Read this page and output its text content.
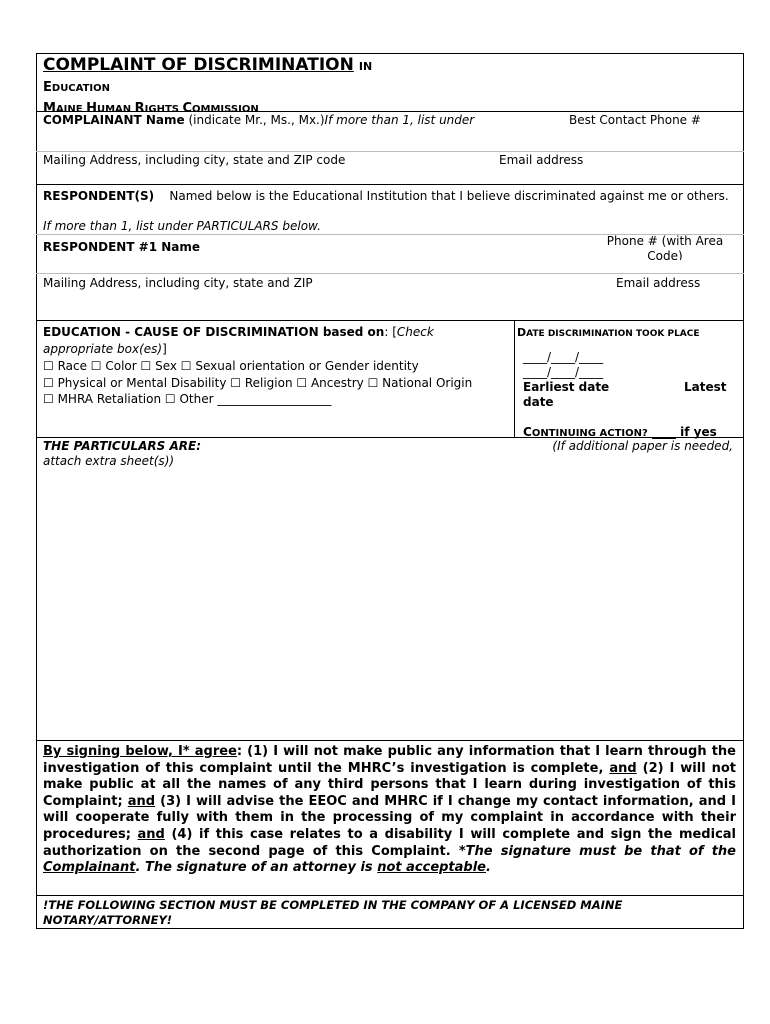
COMPLAINT OF DISCRIMINATION IN
EDUCATION
MAINE HUMAN RIGHTS COMMISSION
COMPLAINANT Name (indicate Mr., Ms., Mx.)If more than 1, list under	Best Contact Phone #
Mailing Address, including city, state and ZIP code	Email address
RESPONDENT(S) Named below is the Educational Institution that I believe discriminated against me or others.
If more than 1, list under PARTICULARS below.
RESPONDENT #1 Name	Phone # (with Area Code)
Mailing Address, including city, state and ZIP	Email address
EDUCATION - CAUSE OF DISCRIMINATION based on: [Check appropriate box(es)]
☐ Race ☐ Color ☐ Sex ☐ Sexual orientation or Gender identity
☐ Physical or Mental Disability ☐ Religion ☐ Ancestry ☐ National Origin
☐ MHRA Retaliation ☐ Other ___________________
DATE DISCRIMINATION TOOK PLACE
____/____/____
____/____/____
Earliest date	Latest
date
CONTINUING ACTION? ____ if yes
THE PARTICULARS ARE:	(If additional paper is needed,
attach extra sheet(s))

By signing below, I* agree: (1) I will not make public any information that I learn through the investigation of this complaint until the MHRC’s investigation is complete, and (2) I will not make public at all the names of any third persons that I learn during investigation of this Complaint; and (3) I will advise the EEOC and MHRC if I change my contact information, and I will cooperate fully with them in the processing of my complaint in accordance with their procedures; and (4) if this case relates to a disability I will complete and sign the medical authorization on the second page of this Complaint. *The signature must be that of the Complainant. The signature of an attorney is not acceptable.

!THE FOLLOWING SECTION MUST BE COMPLETED IN THE COMPANY OF A LICENSED MAINE NOTARY/ATTORNEY!
